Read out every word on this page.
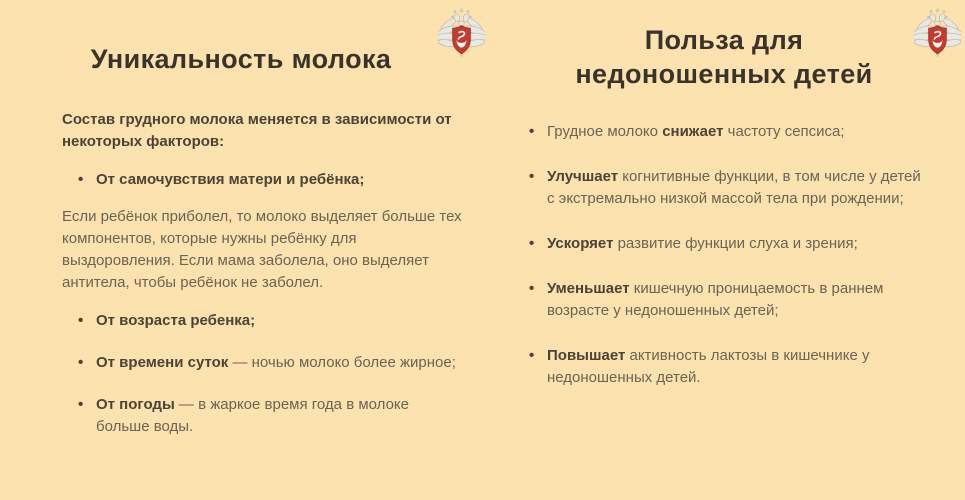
Уникальность молока

Состав грудного молока меняется в зависимости от некоторых факторов:

• От самочувствия матери и ребёнка;

Если ребёнок приболел, то молоко выделяет больше тех компонентов, которые нужны ребёнку для выздоровления. Если мама заболела, оно выделяет антитела, чтобы ребёнок не заболел.

• От возраста ребенка;
• От времени суток — ночью молоко более жирное;
• От погоды — в жаркое время года в молоке больше воды.
Польза для
недоношенных детей
• Грудное молоко снижает частоту сепсиса;
• Улучшает когнитивные функции, в том числе у детей с экстремально низкой массой тела при рождении;
• Ускоряет развитие функции слуха и зрения;
• Уменьшает кишечную проницаемость в раннем возрасте у недоношенных детей;
• Повышает активность лактозы в кишечнике у недоношенных детей.
